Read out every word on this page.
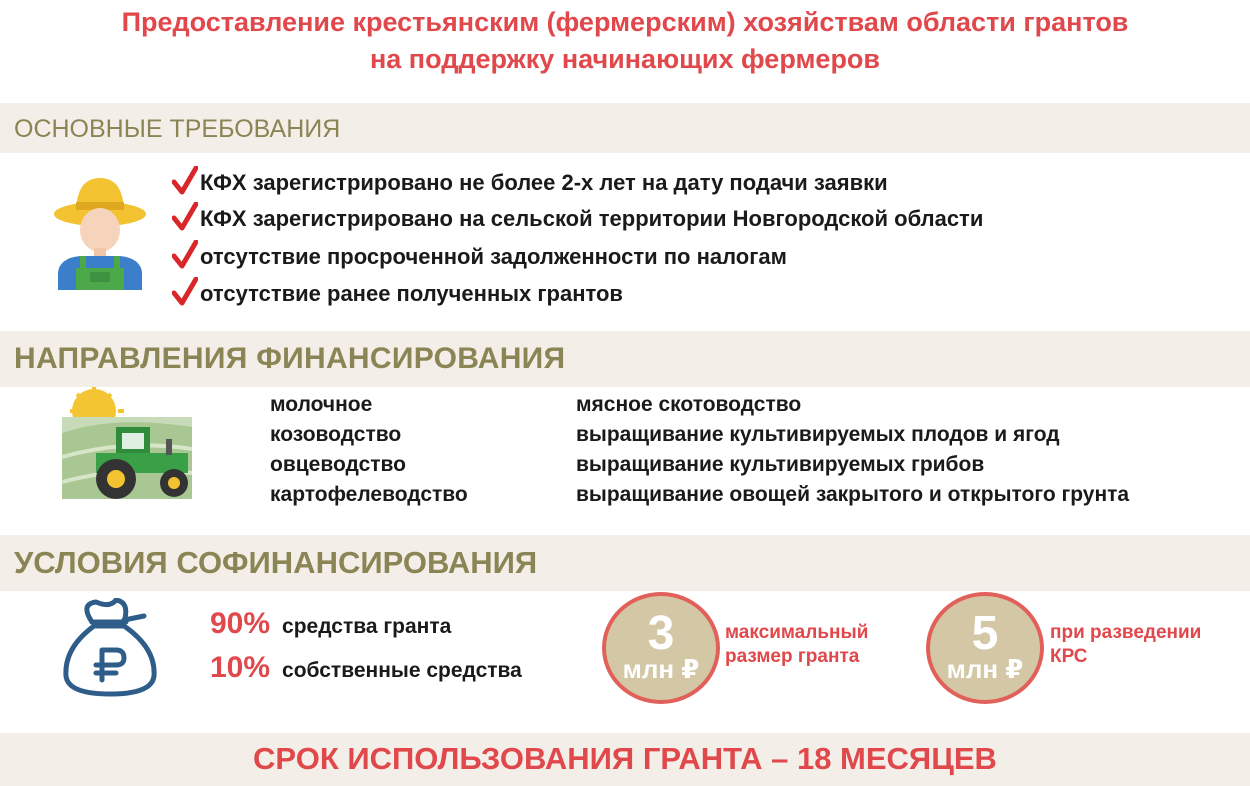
Предоставление крестьянским (фермерским) хозяйствам области грантов
на поддержку начинающих фермеров
ОСНОВНЫЕ ТРЕБОВАНИЯ
КФХ зарегистрировано не более 2-х лет на дату подачи заявки
КФХ зарегистрировано на сельской территории Новгородской области
отсутствие просроченной задолженности по налогам
отсутствие ранее полученных грантов
НАПРАВЛЕНИЯ ФИНАНСИРОВАНИЯ
молочное
козоводство
овцеводство
картофелеводство
мясное скотоводство
выращивание культивируемых плодов и ягод
выращивание культивируемых грибов
выращивание овощей закрытого и открытого грунта
УСЛОВИЯ СОФИНАНСИРОВАНИЯ
90% средства гранта
10% собственные средства
3
млн ₽
максимальный
размер гранта	5
млн ₽
при разведении
КРС
СРОК ИСПОЛЬЗОВАНИЯ ГРАНТА – 18 МЕСЯЦЕВ
